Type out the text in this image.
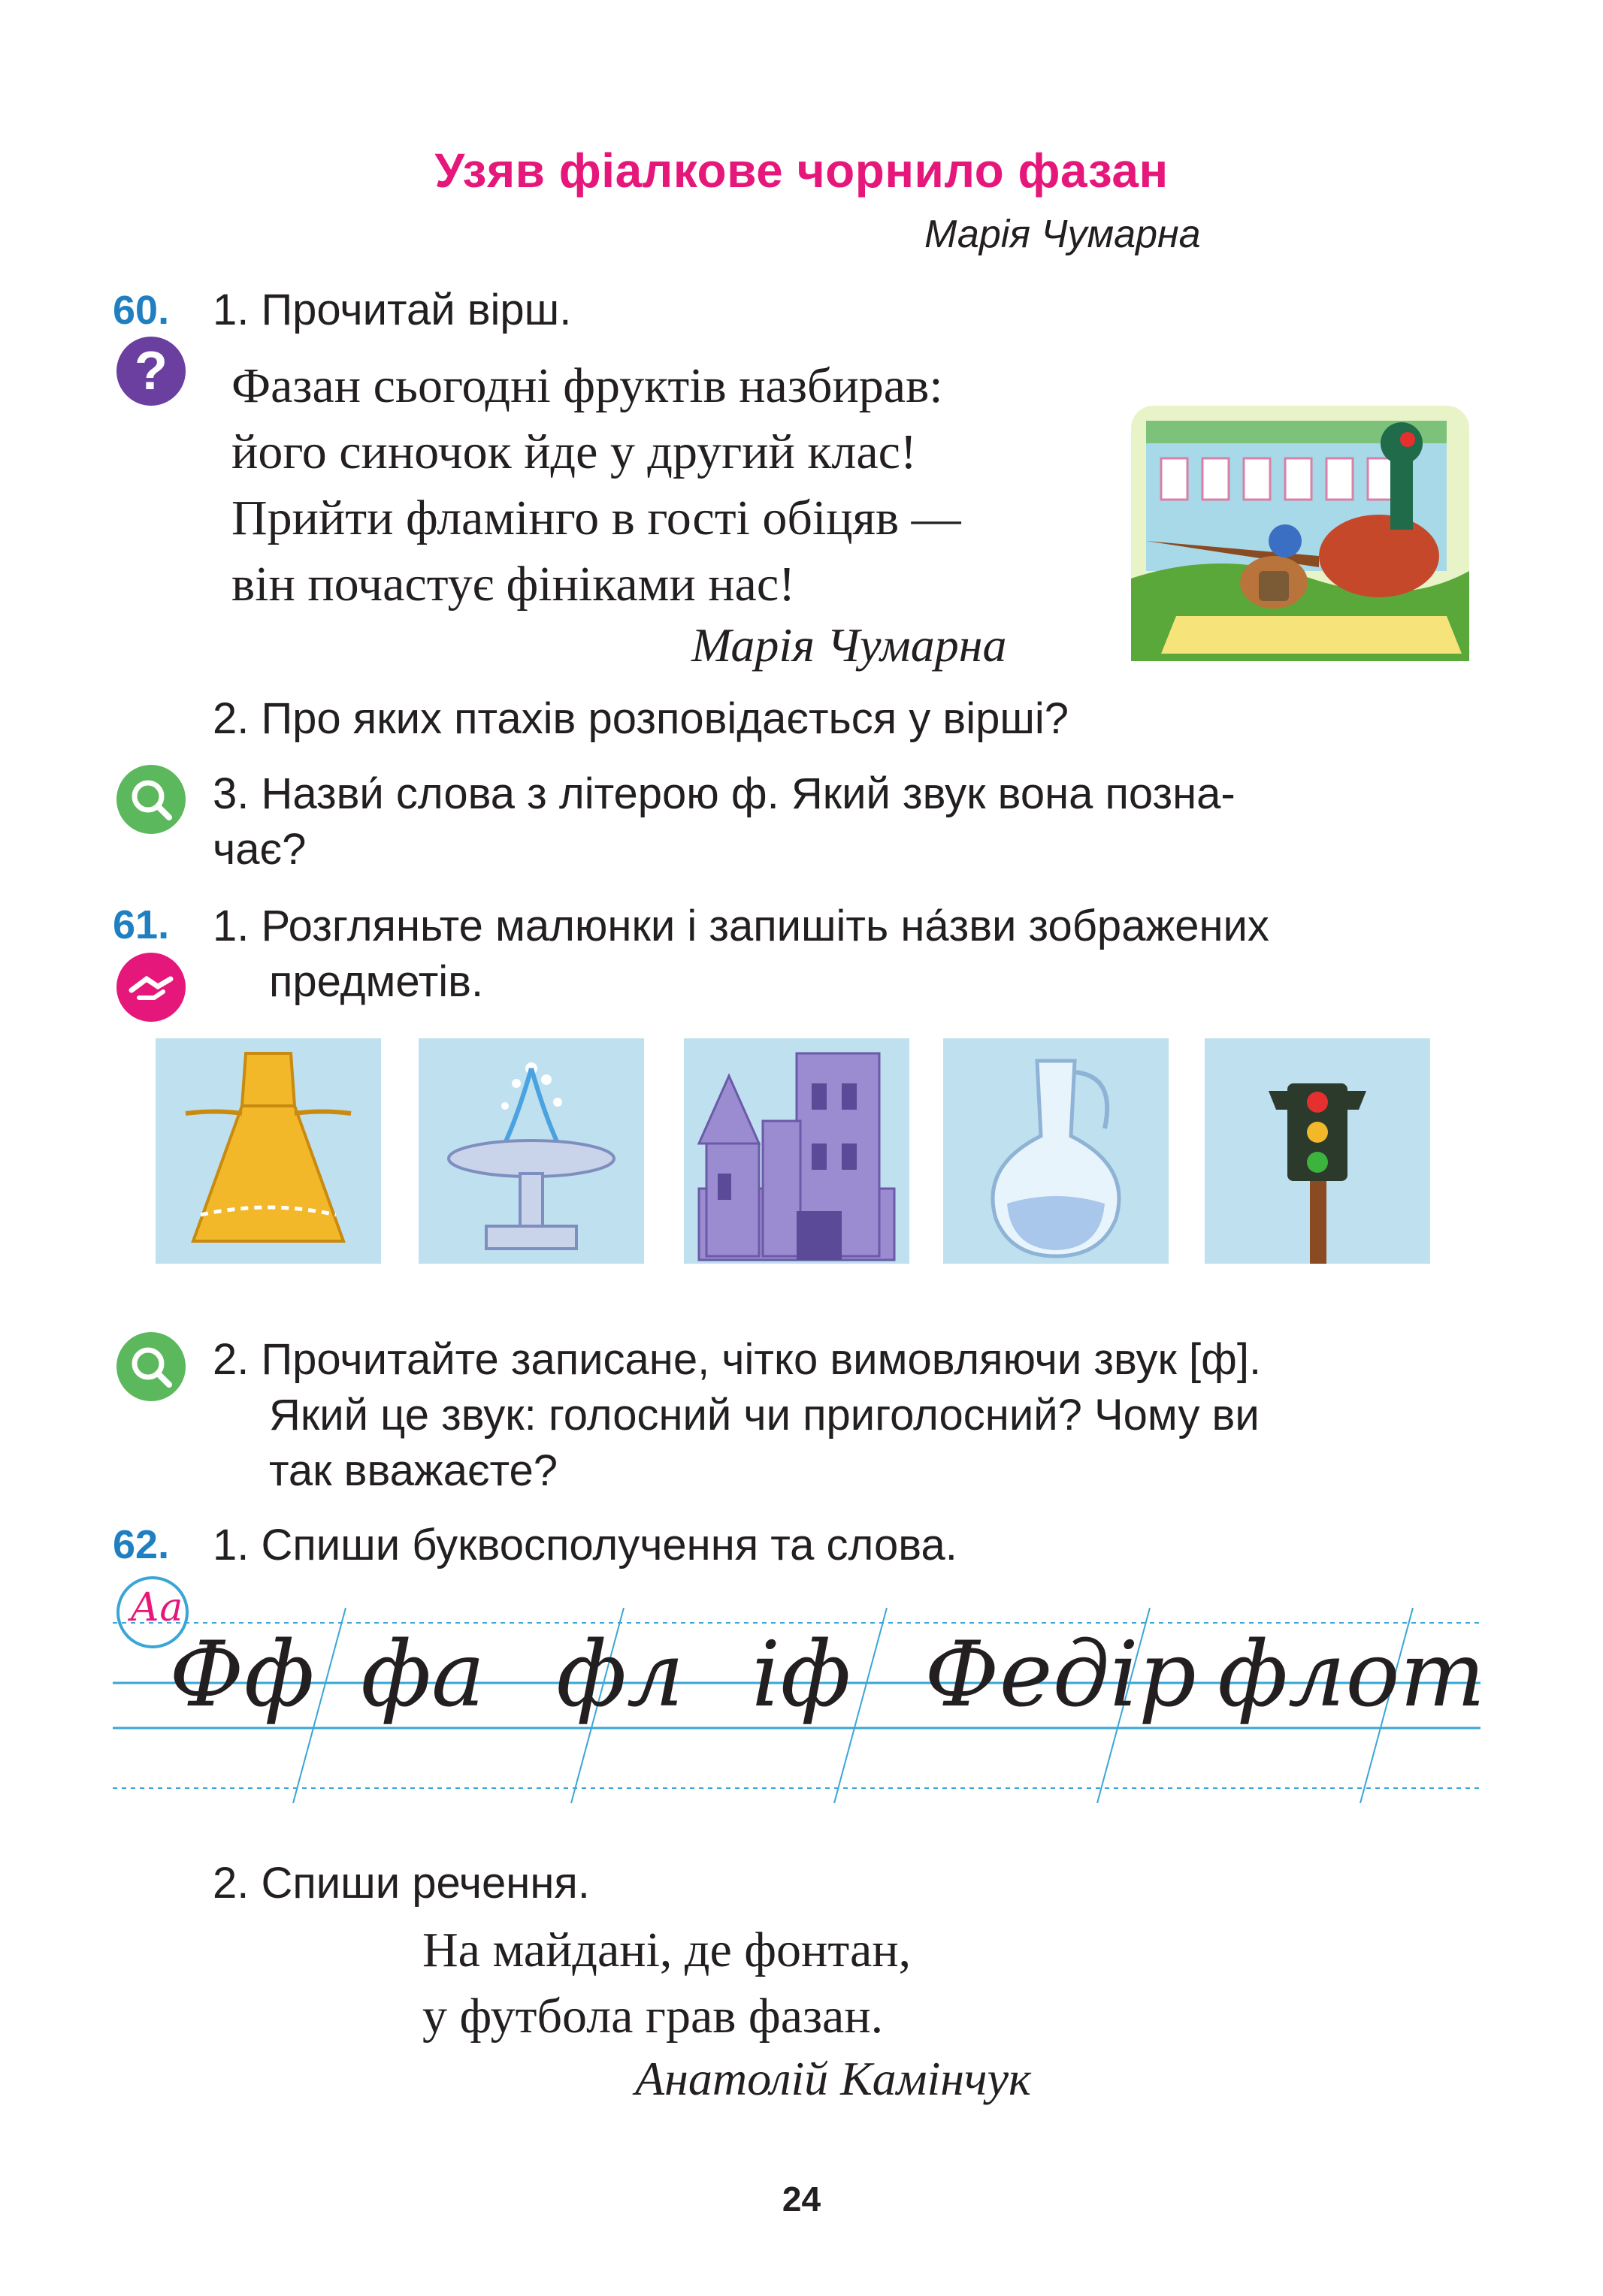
Узяв фіалкове чорнило фазан
Марія Чумарна
60. 1. Прочитай вірш.
? Фазан сьогодні фруктів назбирав:
його синочок йде у другий клас!
Прийти фламінго в гості обіцяв —
він почастує фініками нас!
Марія Чумарна
2. Про яких птахів розповідається у вірші?
3. Назви́ слова з літерою ф. Який звук вона позна-
чає?
61. 1. Розгляньте малюнки і запишіть на́зви зображених
предметів.
2. Прочитайте записане, чітко вимовляючи звук [ф].
Який це звук: голосний чи приголосний? Чому ви
так вважаєте?
62. 1. Спиши буквосполучення та слова.
Аа
Фф фа фл іф Федір флот
2. Спиши речення.
На майдані, де фонтан,
у футбола грав фазан.
Анатолій Камінчук
24
